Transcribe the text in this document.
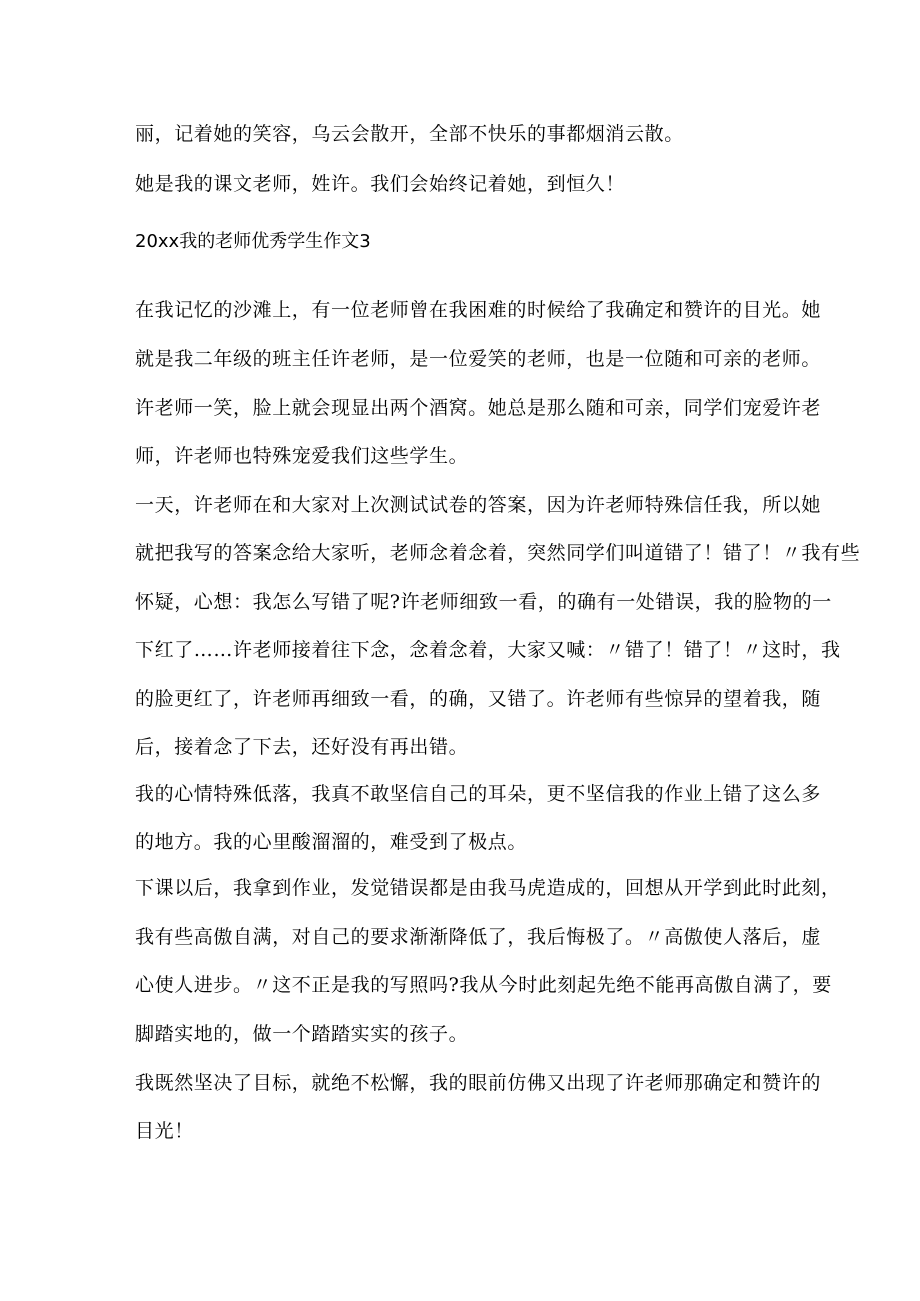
丽，记着她的笑容，乌云会散开，全部不快乐的事都烟消云散。

她是我的课文老师，姓许。我们会始终记着她，到恒久！

20xx我的老师优秀学生作文3

在我记忆的沙滩上，有一位老师曾在我困难的时候给了我确定和赞许的目光。她

就是我二年级的班主任许老师，是一位爱笑的老师，也是一位随和可亲的老师。

许老师一笑，脸上就会现显出两个酒窝。她总是那么随和可亲，同学们宠爱许老

师，许老师也特殊宠爱我们这些学生。

一天，许老师在和大家对上次测试试卷的答案，因为许老师特殊信任我，所以她

就把我写的答案念给大家听，老师念着念着，突然同学们叫道错了！错了！〃我有些

怀疑，心想：我怎么写错了呢?许老师细致一看，的确有一处错误，我的脸物的一

下红了……许老师接着往下念，念着念着，大家又喊：〃错了！错了！〃这时，我

的脸更红了，许老师再细致一看，的确，又错了。许老师有些惊异的望着我，随

后，接着念了下去，还好没有再出错。

我的心情特殊低落，我真不敢坚信自己的耳朵，更不坚信我的作业上错了这么多

的地方。我的心里酸溜溜的，难受到了极点。

下课以后，我拿到作业，发觉错误都是由我马虎造成的，回想从开学到此时此刻，

我有些高傲自满，对自己的要求渐渐降低了，我后悔极了。〃高傲使人落后，虚

心使人进步。〃这不正是我的写照吗?我从今时此刻起先绝不能再高傲自满了，要

脚踏实地的，做一个踏踏实实的孩子。

我既然坚决了目标，就绝不松懈，我的眼前仿佛又出现了许老师那确定和赞许的

目光！
